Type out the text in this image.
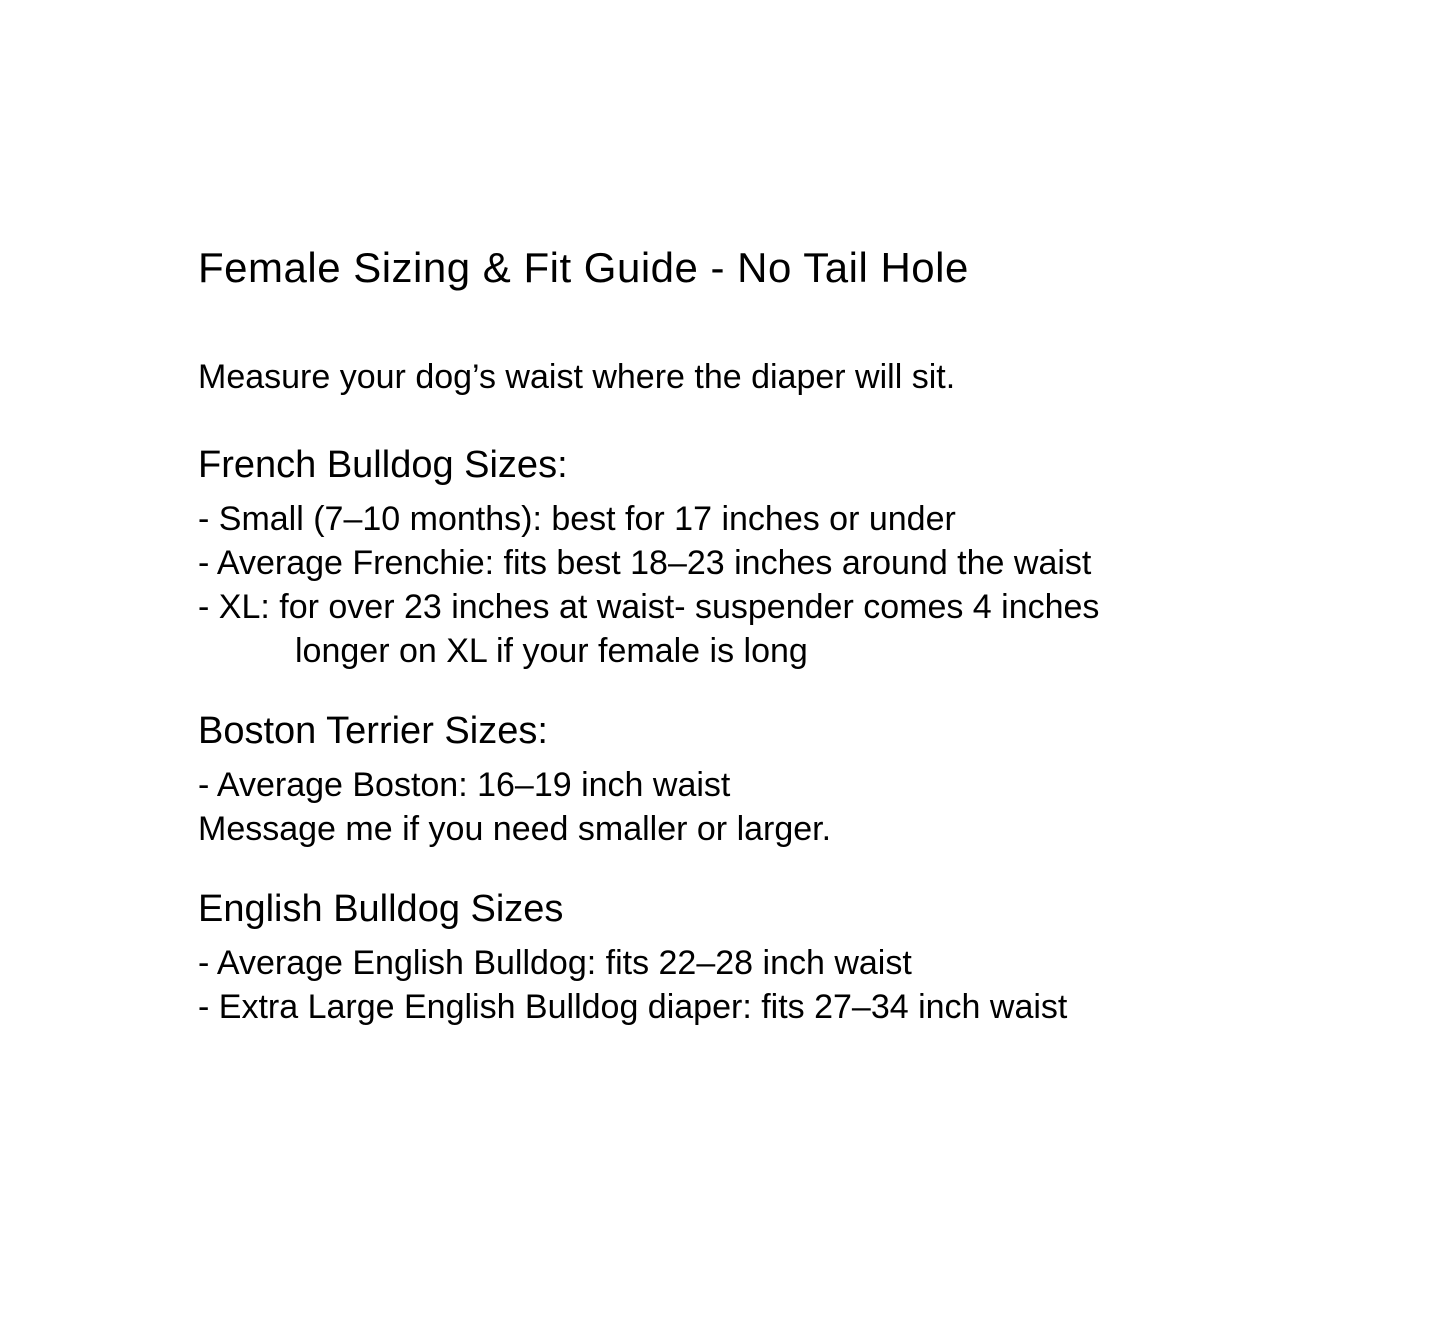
Female Sizing & Fit Guide - No Tail Hole

Measure your dog’s waist where the diaper will sit.

French Bulldog Sizes:

- Small (7–10 months): best for 17 inches or under

- Average Frenchie: fits best 18–23 inches around the waist

- XL: for over 23 inches at waist- suspender comes 4 inches

longer on XL if your female is long

Boston Terrier Sizes:

- Average Boston: 16–19 inch waist

Message me if you need smaller or larger.

English Bulldog Sizes

- Average English Bulldog: fits 22–28 inch waist

- Extra Large English Bulldog diaper: fits 27–34 inch waist
